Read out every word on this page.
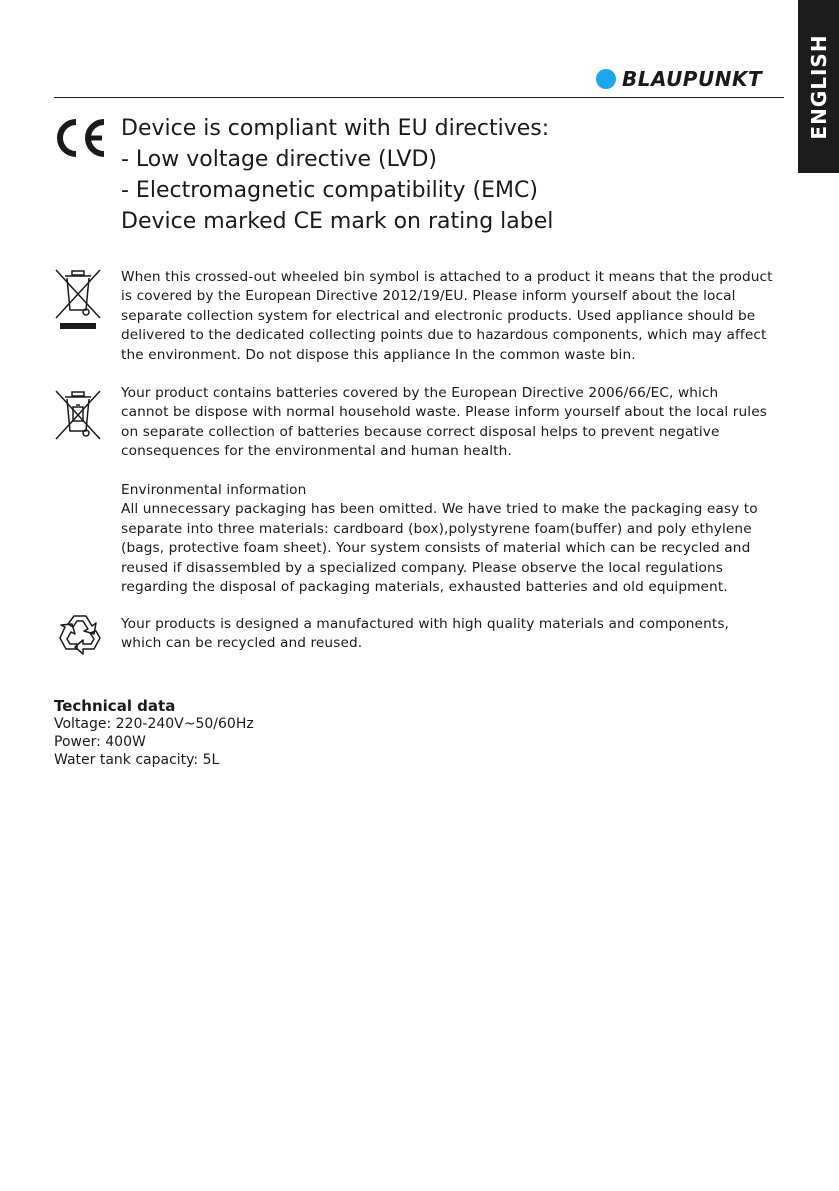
ENGLISH
BLAUPUNKT
Device is compliant with EU directives:
- Low voltage directive (LVD)
- Electromagnetic compatibility (EMC)
Device marked CE mark on rating label
When this crossed-out wheeled bin symbol is attached to a product it means that the product
is covered by the European Directive 2012/19/EU. Please inform yourself about the local
separate collection system for electrical and electronic products. Used appliance should be
delivered to the dedicated collecting points due to hazardous components, which may affect
the environment. Do not dispose this appliance In the common waste bin.
Your product contains batteries covered by the European Directive 2006/66/EC, which
cannot be dispose with normal household waste. Please inform yourself about the local rules
on separate collection of batteries because correct disposal helps to prevent negative
consequences for the environmental and human health.
Environmental information
All unnecessary packaging has been omitted. We have tried to make the packaging easy to
separate into three materials: cardboard (box),polystyrene foam(buffer) and poly ethylene
(bags, protective foam sheet). Your system consists of material which can be recycled and
reused if disassembled by a specialized company. Please observe the local regulations
regarding the disposal of packaging materials, exhausted batteries and old equipment.
Your products is designed a manufactured with high quality materials and components,
which can be recycled and reused.
Technical data
Voltage: 220-240V~50/60Hz
Power: 400W
Water tank capacity: 5L
